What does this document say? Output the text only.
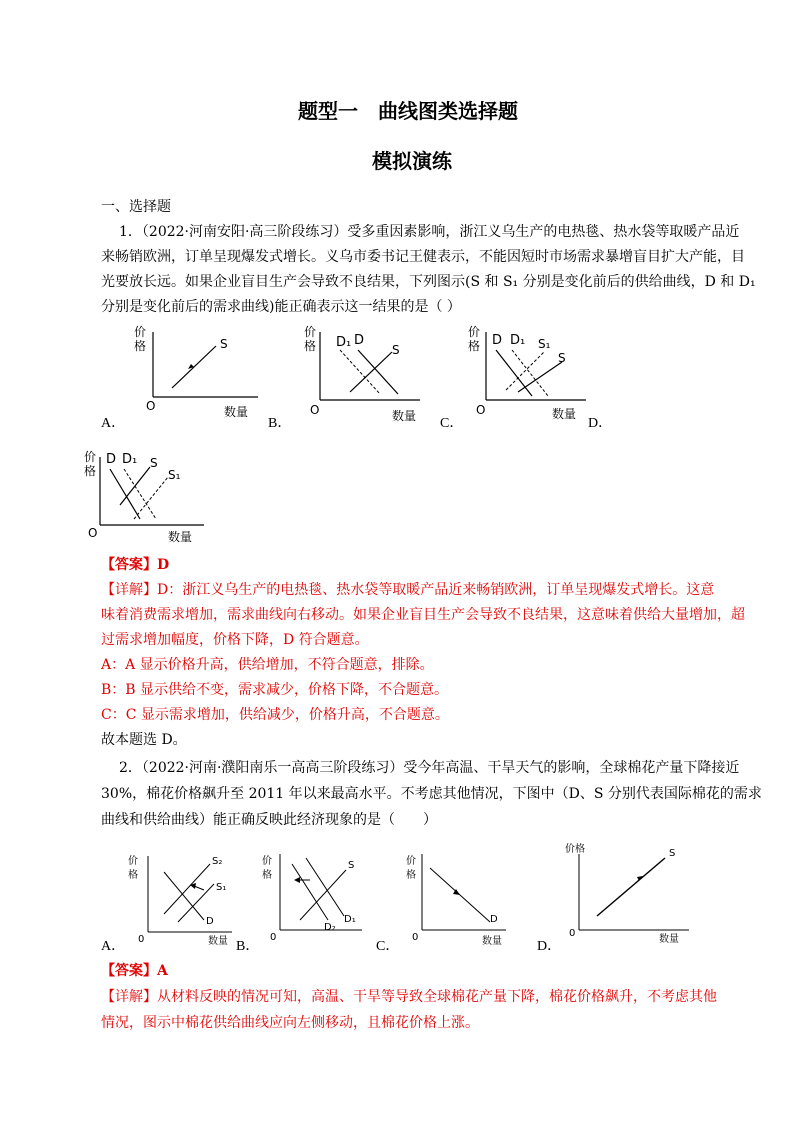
题型一　曲线图类选择题
模拟演练
一、选择题
1．（2022·河南安阳·高三阶段练习）受多重因素影响，浙江义乌生产的电热毯、热水袋等取暖产品近
来畅销欧洲，订单呈现爆发式增长。义乌市委书记王健表示，不能因短时市场需求暴增盲目扩大产能，目
光要放长远。如果企业盲目生产会导致不良结果，下列图示(S 和 S₁ 分别是变化前后的供给曲线，D 和 D₁
分别是变化前后的需求曲线)能正确表示这一结果的是（ ）
价
格	S
O	数量
A．
价
格 D₁ D
S
O	数量
B．
价
格 D D₁ S₁
S
O	数量
C．	D．
价
格
D D₁ S
S₁
O	数量
【答案】D
【详解】D：浙江义乌生产的电热毯、热水袋等取暖产品近来畅销欧洲，订单呈现爆发式增长。这意
味着消费需求增加，需求曲线向右移动。如果企业盲目生产会导致不良结果，这意味着供给大量增加，超
过需求增加幅度，价格下降，D 符合题意。
A：A 显示价格升高，供给增加，不符合题意，排除。
B：B 显示供给不变，需求减少，价格下降，不合题意。
C：C 显示需求增加，供给减少，价格升高，不合题意。
故本题选 D。
2．（2022·河南·濮阳南乐一高高三阶段练习）受今年高温、干旱天气的影响，全球棉花产量下降接近
30%，棉花价格飙升至 2011 年以来最高水平。不考虑其他情况，下图中（D、S 分别代表国际棉花的需求
曲线和供给曲线）能正确反映此经济现象的是（　　）
价
格
S₂
S₁
D
0	数量
A．
价
格
S
D₁
D₂
0
B．
价
格
D
0	数量
C．
价格	S
0
数量
D．
【答案】A
【详解】从材料反映的情况可知，高温、干旱等导致全球棉花产量下降，棉花价格飙升，不考虑其他
情况，图示中棉花供给曲线应向左侧移动，且棉花价格上涨。
